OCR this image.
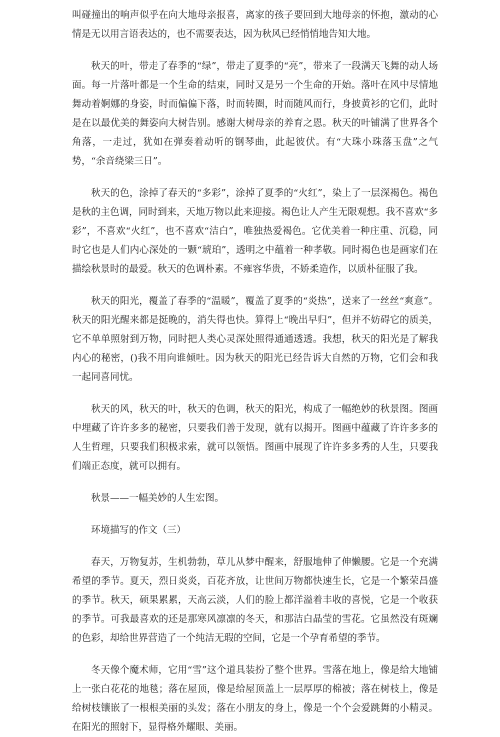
叫碰撞出的响声似乎在向大地母亲报喜，离家的孩子要回到大地母亲的怀抱，激动的心情是无以用言语表达的，也不需要表达，因为秋风已经悄悄地告知大地。

秋天的叶，带走了春季的“绿”，带走了夏季的“亮”，带来了一段满天飞舞的动人场面。每一片落叶都是一个生命的结束，同时又是另一个生命的开始。落叶在风中尽情地舞动着婀娜的身姿，时而偏偏下落，时而转圈，时而随风而行，身披黄衫的它们，此时是在以最优美的舞姿向大树告别。感谢大树母亲的养育之恩。秋天的叶铺满了世界各个角落，一走过，犹如在弹奏着动听的钢琴曲，此起彼伏。有“大珠小珠落玉盘”之气势，“余音绕梁三日”。

秋天的色，涂掉了春天的“多彩”，涂掉了夏季的“火红”，染上了一层深褐色。褐色是秋的主色调，同时到来，天地万物以此来迎接。褐色让人产生无限观想。我不喜欢“多彩”，不喜欢“火红”，也不喜欢“洁白”，唯独热爱褐色。它优美着一种庄重、沉稳，同时它也是人们内心深处的一颗“琥珀”，透明之中蕴着一种孝敬。同时褐色也是画家们在描绘秋景时的最爱。秋天的色调朴素。不雍容华贵，不娇柔造作，以质朴征服了我。

秋天的阳光，覆盖了春季的“温暖”，覆盖了夏季的“炎热”，送来了一丝丝“爽意”。秋天的阳光醒来都是挺晚的，消失得也快。算得上“晚出早归”，但并不妨碍它的质美，它不单单照射到万物，同时把人类心灵深处照得通通透透。我想，秋天的阳光是了解我内心的秘密，()我不用向谁倾吐。因为秋天的阳光已经告诉大自然的万物，它们会和我一起同喜同忧。

秋天的风，秋天的叶，秋天的色调，秋天的阳光，构成了一幅绝妙的秋景图。图画中埋藏了许许多多的秘密，只要我们善于发现，就有以揭开。图画中蕴藏了许许多多的人生哲理，只要我们积极求索，就可以领悟。图画中展现了许许多多秀的人生，只要我们端正态度，就可以拥有。

秋景——一幅美妙的人生宏图。

环境描写的作文（三）

春天，万物复苏，生机勃勃，草儿从梦中醒来，舒服地伸了伸懒腰。它是一个充满希望的季节。夏天，烈日炎炎，百花齐放，让世间万物都快速生长，它是一个繁荣昌盛的季节。秋天，硕果累累，天高云淡，人们的脸上都洋溢着丰收的喜悦，它是一个收获的季节。可我最喜欢的还是那寒风凛凛的冬天，和那洁白晶莹的雪花。它虽然没有斑斓的色彩，却给世界营造了一个纯洁无瑕的空间，它是一个孕育希望的季节。

冬天像个魔术师，它用“雪”这个道具装扮了整个世界。雪落在地上，像是给大地铺上一张白花花的地毯；落在屋顶，像是给屋顶盖上一层厚厚的棉被；落在树枝上，像是给树枝镶嵌了一根根美丽的头发；落在小朋友的身上，像是一个个会爱跳舞的小精灵。在阳光的照射下，显得格外耀眼、美丽。
